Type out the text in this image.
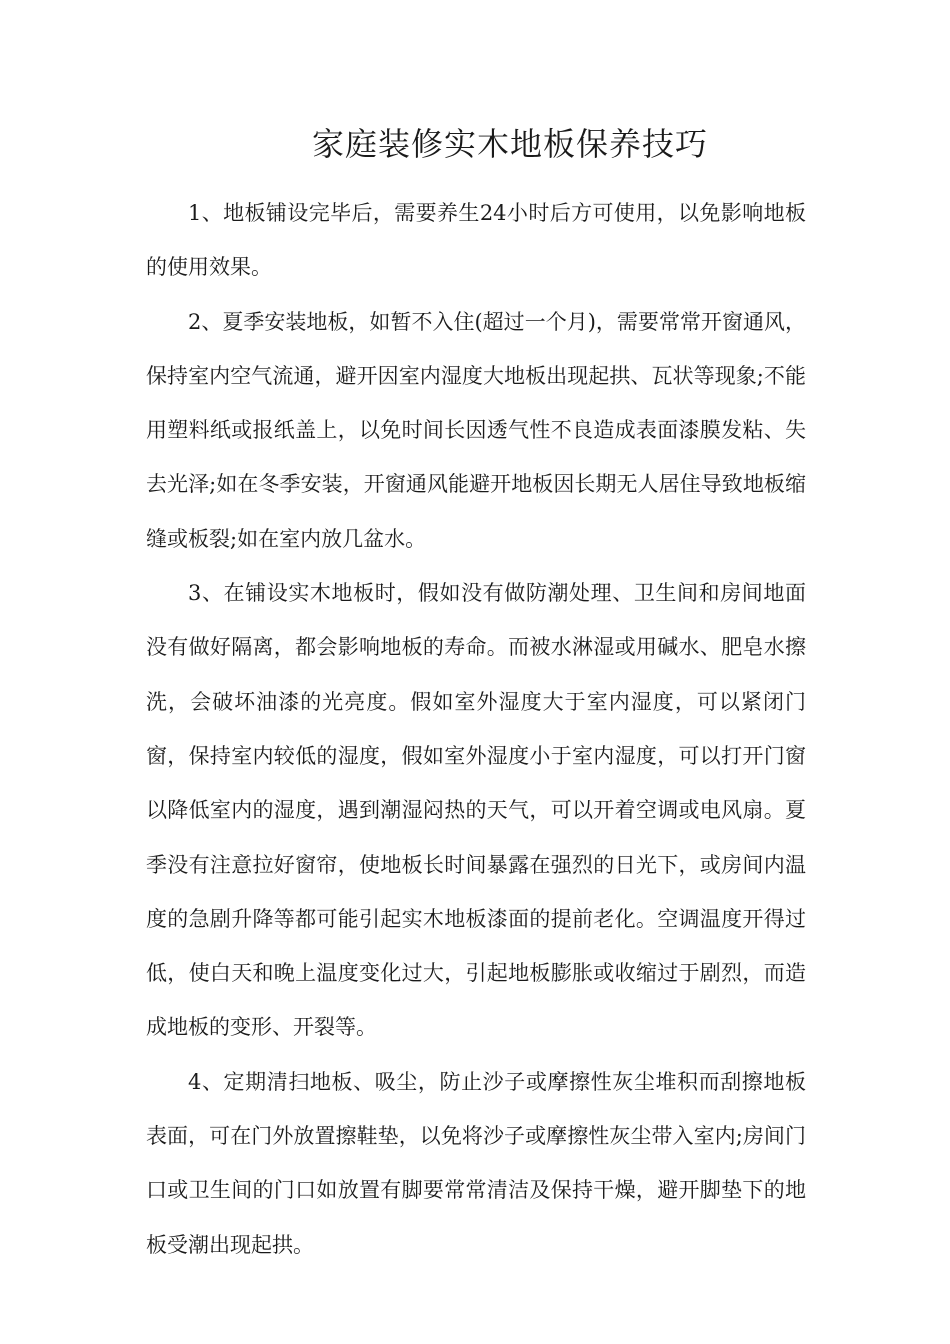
家庭装修实木地板保养技巧

1、地板铺设完毕后，需要养生24小时后方可使用，以免影响地板的使用效果。

2、夏季安装地板，如暂不入住(超过一个月)，需要常常开窗通风，保持室内空气流通，避开因室内湿度大地板出现起拱、瓦状等现象;不能用塑料纸或报纸盖上，以免时间长因透气性不良造成表面漆膜发粘、失去光泽;如在冬季安装，开窗通风能避开地板因长期无人居住导致地板缩缝或板裂;如在室内放几盆水。

3、在铺设实木地板时，假如没有做防潮处理、卫生间和房间地面没有做好隔离，都会影响地板的寿命。而被水淋湿或用碱水、肥皂水擦洗，会破坏油漆的光亮度。假如室外湿度大于室内湿度，可以紧闭门窗，保持室内较低的湿度，假如室外湿度小于室内湿度，可以打开门窗以降低室内的湿度，遇到潮湿闷热的天气，可以开着空调或电风扇。夏季没有注意拉好窗帘，使地板长时间暴露在强烈的日光下，或房间内温度的急剧升降等都可能引起实木地板漆面的提前老化。空调温度开得过低，使白天和晚上温度变化过大，引起地板膨胀或收缩过于剧烈，而造成地板的变形、开裂等。

4、定期清扫地板、吸尘，防止沙子或摩擦性灰尘堆积而刮擦地板表面，可在门外放置擦鞋垫，以免将沙子或摩擦性灰尘带入室内;房间门口或卫生间的门口如放置有脚要常常清洁及保持干燥，避开脚垫下的地板受潮出现起拱。
